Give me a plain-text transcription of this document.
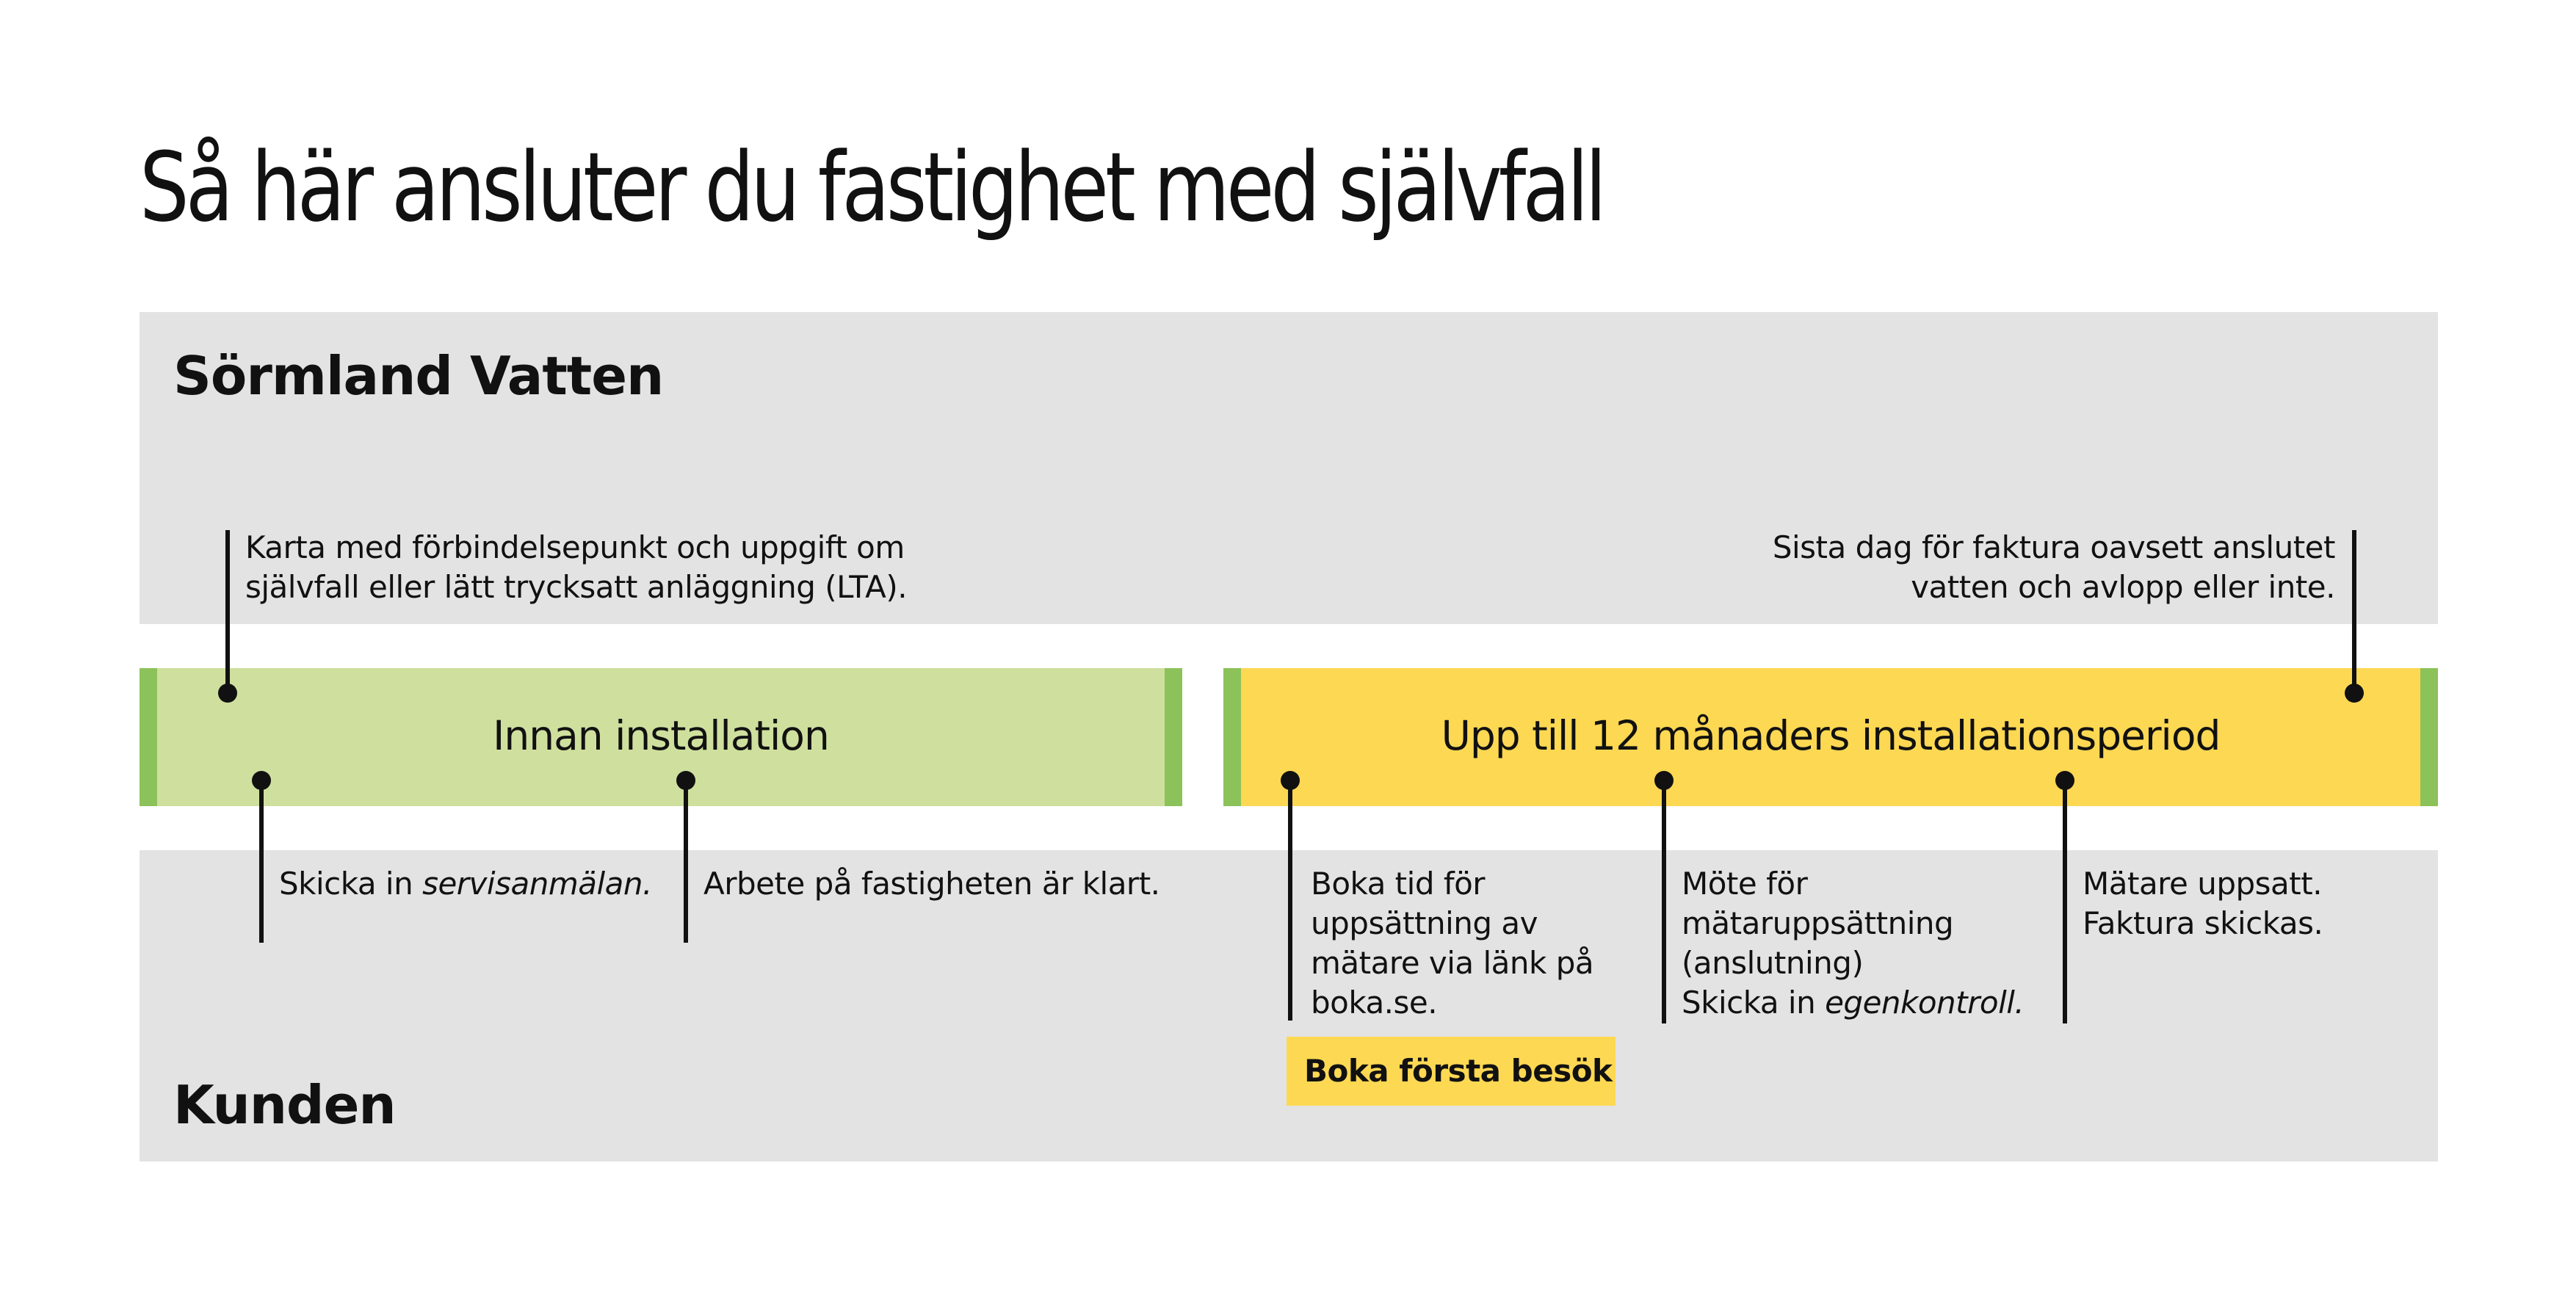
Så här ansluter du fastighet med självfall
Sörmland Vatten
Kunden
Innan installation	Upp till 12 månaders installationsperiod
Karta med förbindelsepunkt och uppgift om
självfall eller lätt trycksatt anläggning (LTA).
Sista dag för faktura oavsett anslutet
vatten och avlopp eller inte.
Skicka in servisanmälan. Arbete på fastigheten är klart.	Boka tid för
uppsättning av
mätare via länk på
boka.se.
Möte för
mätaruppsättning
(anslutning)
Skicka in egenkontroll.
Mätare uppsatt.
Faktura skickas.
Boka första besök
